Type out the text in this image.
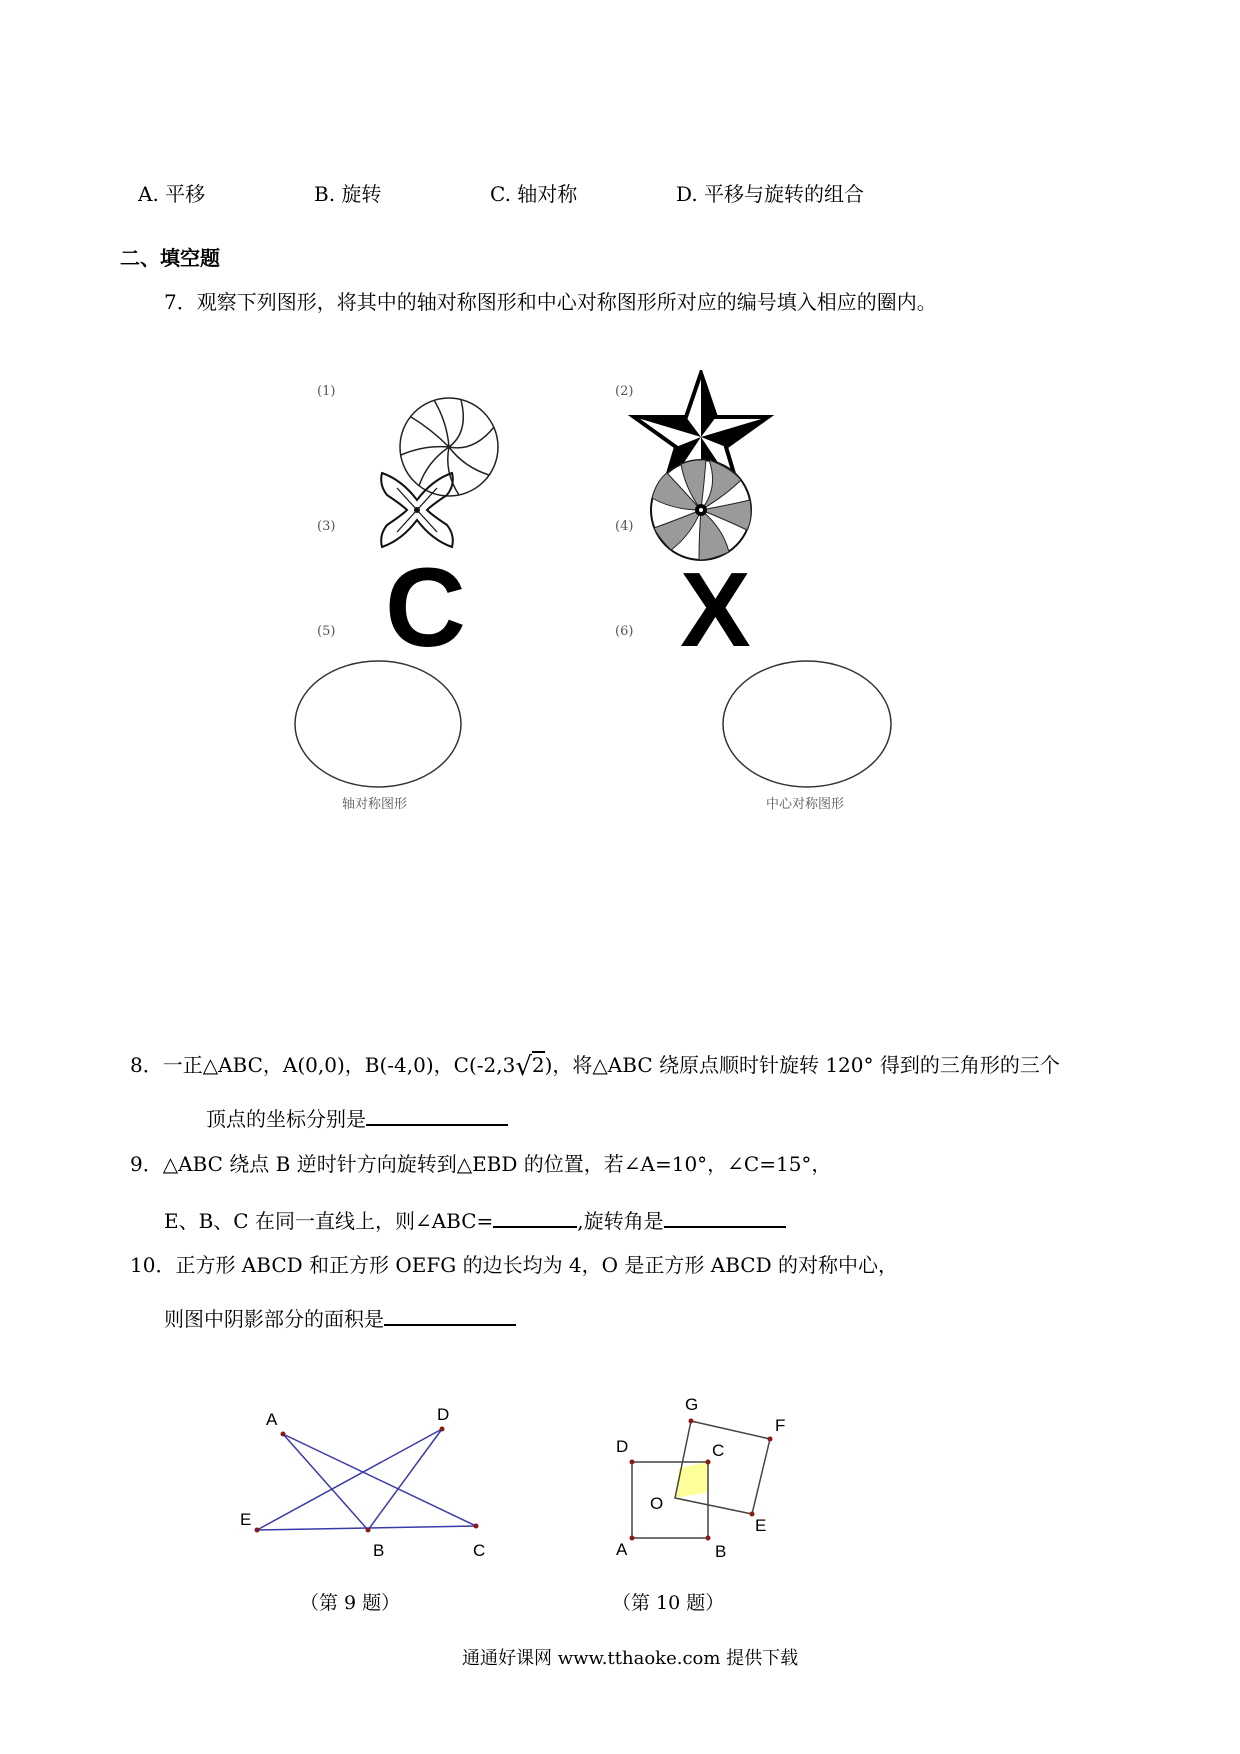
A. 平移	B. 旋转	C. 轴对称	D. 平移与旋转的组合
二、填空题
7．观察下列图形，将其中的轴对称图形和中心对称图形所对应的编号填入相应的圈内。
(1)	(2)
(3)	(4)
(5)	(6)
C X
轴对称图形	中心对称图形
8．一正△ABC，A(0,0)，B(-4,0)，C(-2,3√2)，将△ABC 绕原点顺时针旋转 120° 得到的三角形的三个
顶点的坐标分别是
9．△ABC 绕点 B 逆时针方向旋转到△EBD 的位置，若∠A=10°，∠C=15°，
E、B、C 在同一直线上，则∠ABC=	,旋转角是
10．正方形 ABCD 和正方形 OEFG 的边长均为 4，O 是正方形 ABCD 的对称中心，
则图中阴影部分的面积是
A	D
E
B	C
（第 9 题）
G
F
D	C
O
E
A	B
（第 10 题）
通通好课网 www.tthaoke.com 提供下载
